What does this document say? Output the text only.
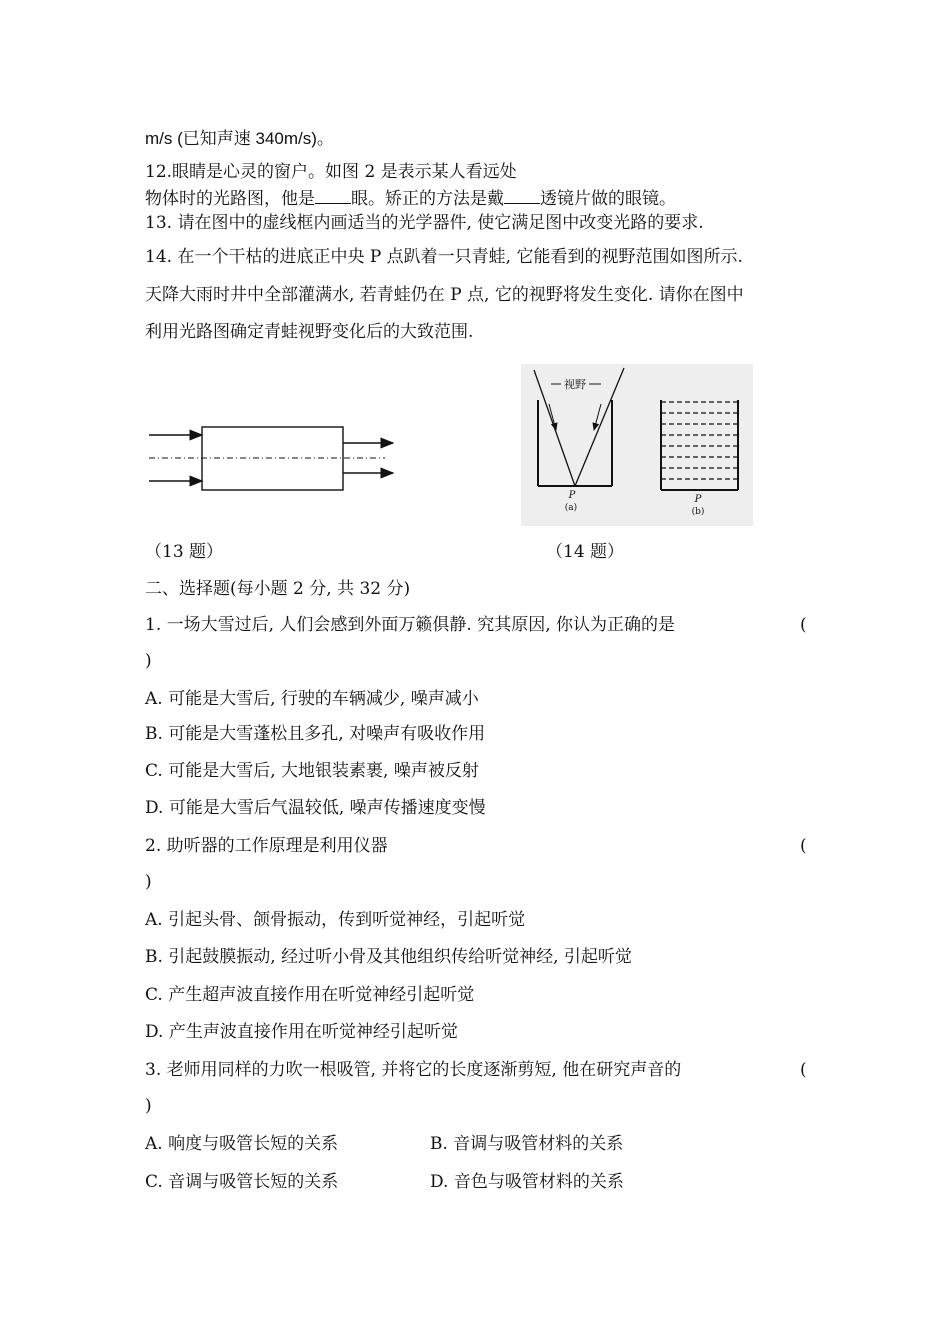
m/s (已知声速 340m/s)。
12.眼睛是心灵的窗户。如图 2 是表示某人看远处
物体时的光路图，他是 眼。矫正的方法是戴 透镜片做的眼镜。
13. 请在图中的虚线框内画适当的光学器件, 使它满足图中改变光路的要求.
14. 在一个干枯的进底正中央 P 点趴着一只青蛙, 它能看到的视野范围如图所示.
天降大雨时井中全部灌满水, 若青蛙仍在 P 点, 它的视野将发生变化. 请你在图中
利用光路图确定青蛙视野变化后的大致范围.
视野
P
(a)
P
(b)
（13 题）	（14 题）
二、选择题(每小题 2 分, 共 32 分)
1. 一场大雪过后, 人们会感到外面万籁俱静. 究其原因, 你认为正确的是	(
)
A. 可能是大雪后, 行驶的车辆减少, 噪声减小
B. 可能是大雪蓬松且多孔, 对噪声有吸收作用
C. 可能是大雪后, 大地银装素裹, 噪声被反射
D. 可能是大雪后气温较低, 噪声传播速度变慢
2. 助听器的工作原理是利用仪器	(
)
A. 引起头骨、颌骨振动，传到听觉神经，引起听觉
B. 引起鼓膜振动, 经过听小骨及其他组织传给听觉神经, 引起听觉
C. 产生超声波直接作用在听觉神经引起听觉
D. 产生声波直接作用在听觉神经引起听觉
3. 老师用同样的力吹一根吸管, 并将它的长度逐渐剪短, 他在研究声音的	(
)
A. 响度与吸管长短的关系	B. 音调与吸管材料的关系
C. 音调与吸管长短的关系	D. 音色与吸管材料的关系
